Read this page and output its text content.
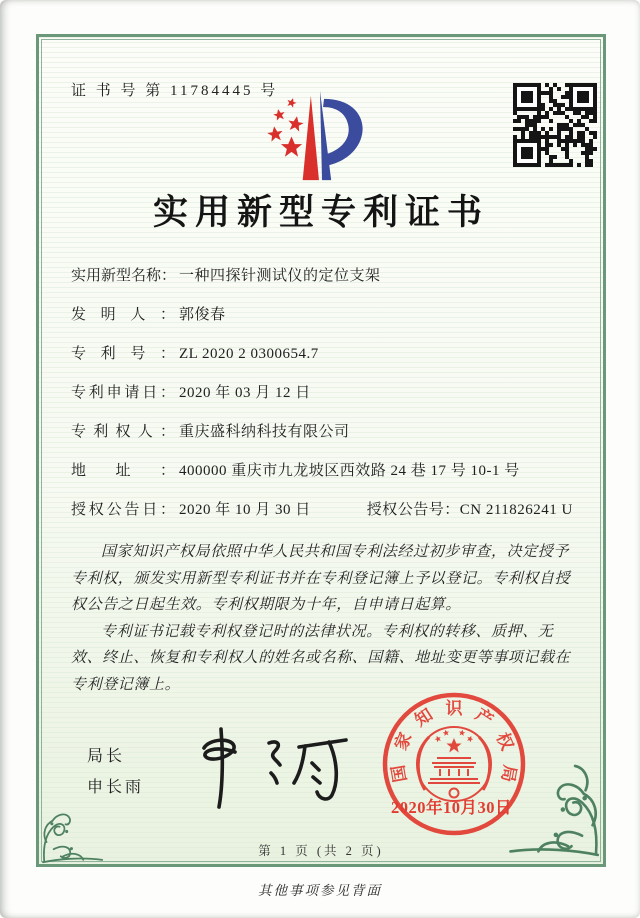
证 书 号 第 11784445 号
实用新型专利证书
实用新型名称： 一种四探针测试仪的定位支架
发明人： 郭俊春
专利号： ZL 2020 2 0300654.7
专利申请日： 2020 年 03 月 12 日
专利权人： 重庆盛科纳科技有限公司
地址： 400000 重庆市九龙坡区西效路 24 巷 17 号 10-1 号
授权公告日： 2020 年 10 月 30 日	授权公告号：CN 211826241 U

国家知识产权局依照中华人民共和国专利法经过初步审查，决定授予专利权，颁发实用新型专利证书并在专利登记簿上予以登记。专利权自授权公告之日起生效。专利权期限为十年，自申请日起算。

专利证书记载专利权登记时的法律状况。专利权的转移、质押、无效、终止、恢复和专利权人的姓名或名称、国籍、地址变更等事项记载在专利登记簿上。

局长
申长雨
国
家
知 识 产
权
局
2020年10月30日
第 1 页 (共 2 页)
其他事项参见背面
